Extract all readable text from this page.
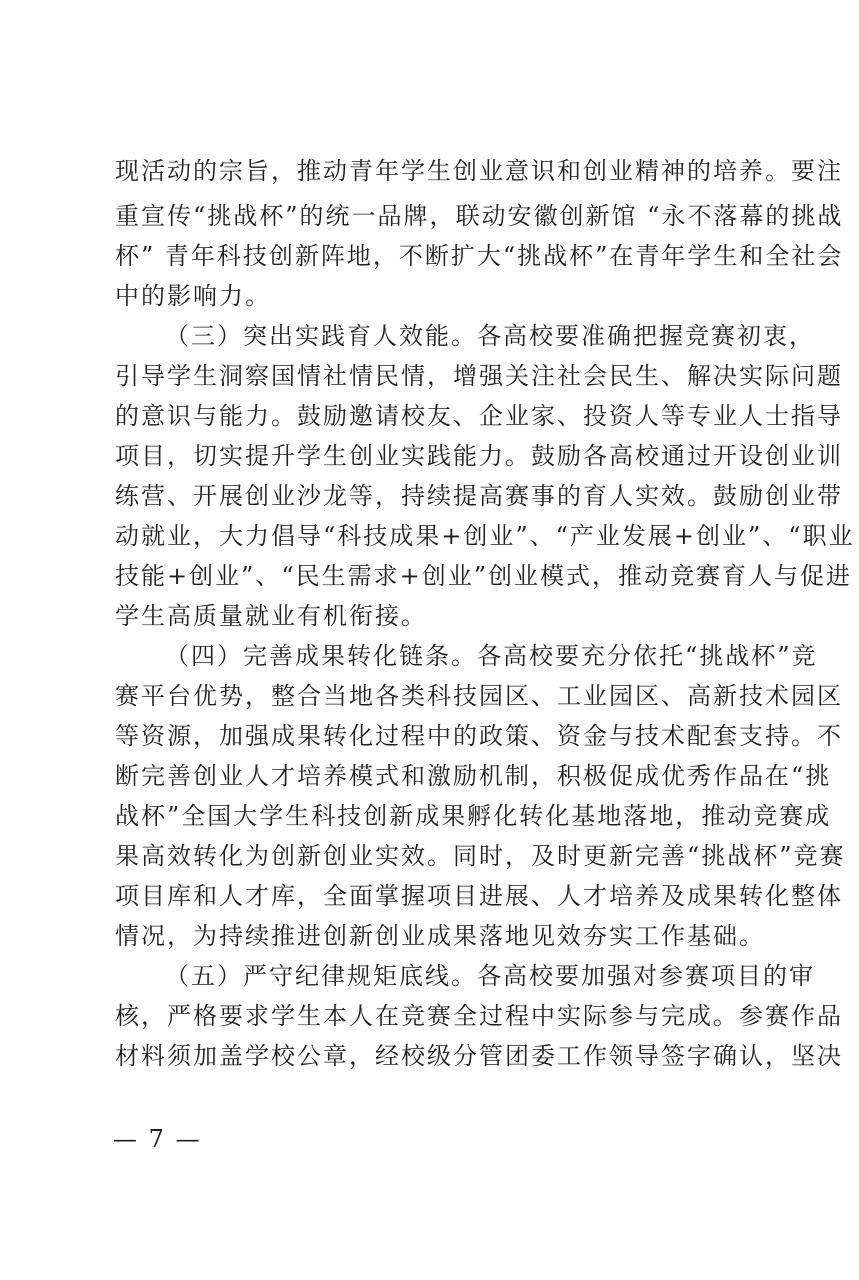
现活动的宗旨，推动青年学生创业意识和创业精神的培养。要注
重宣传“挑战杯”的统一品牌，联动安徽创新馆 “永不落幕的挑战
杯” 青年科技创新阵地，不断扩大“挑战杯”在青年学生和全社会
中的影响力。
（三）突出实践育人效能。各高校要准确把握竞赛初衷，
引导学生洞察国情社情民情，增强关注社会民生、解决实际问题
的意识与能力。鼓励邀请校友、企业家、投资人等专业人士指导
项目，切实提升学生创业实践能力。鼓励各高校通过开设创业训
练营、开展创业沙龙等，持续提高赛事的育人实效。鼓励创业带
动就业，大力倡导“科技成果+创业”、“产业发展+创业”、“职业
技能+创业”、“民生需求+创业”创业模式，推动竞赛育人与促进
学生高质量就业有机衔接。
（四）完善成果转化链条。各高校要充分依托“挑战杯”竞
赛平台优势，整合当地各类科技园区、工业园区、高新技术园区
等资源，加强成果转化过程中的政策、资金与技术配套支持。不
断完善创业人才培养模式和激励机制，积极促成优秀作品在“挑
战杯”全国大学生科技创新成果孵化转化基地落地，推动竞赛成
果高效转化为创新创业实效。同时，及时更新完善“挑战杯”竞赛
项目库和人才库，全面掌握项目进展、人才培养及成果转化整体
情况，为持续推进创新创业成果落地见效夯实工作基础。
（五）严守纪律规矩底线。各高校要加强对参赛项目的审
核，严格要求学生本人在竞赛全过程中实际参与完成。参赛作品
材料须加盖学校公章，经校级分管团委工作领导签字确认，坚决
— 7 —
